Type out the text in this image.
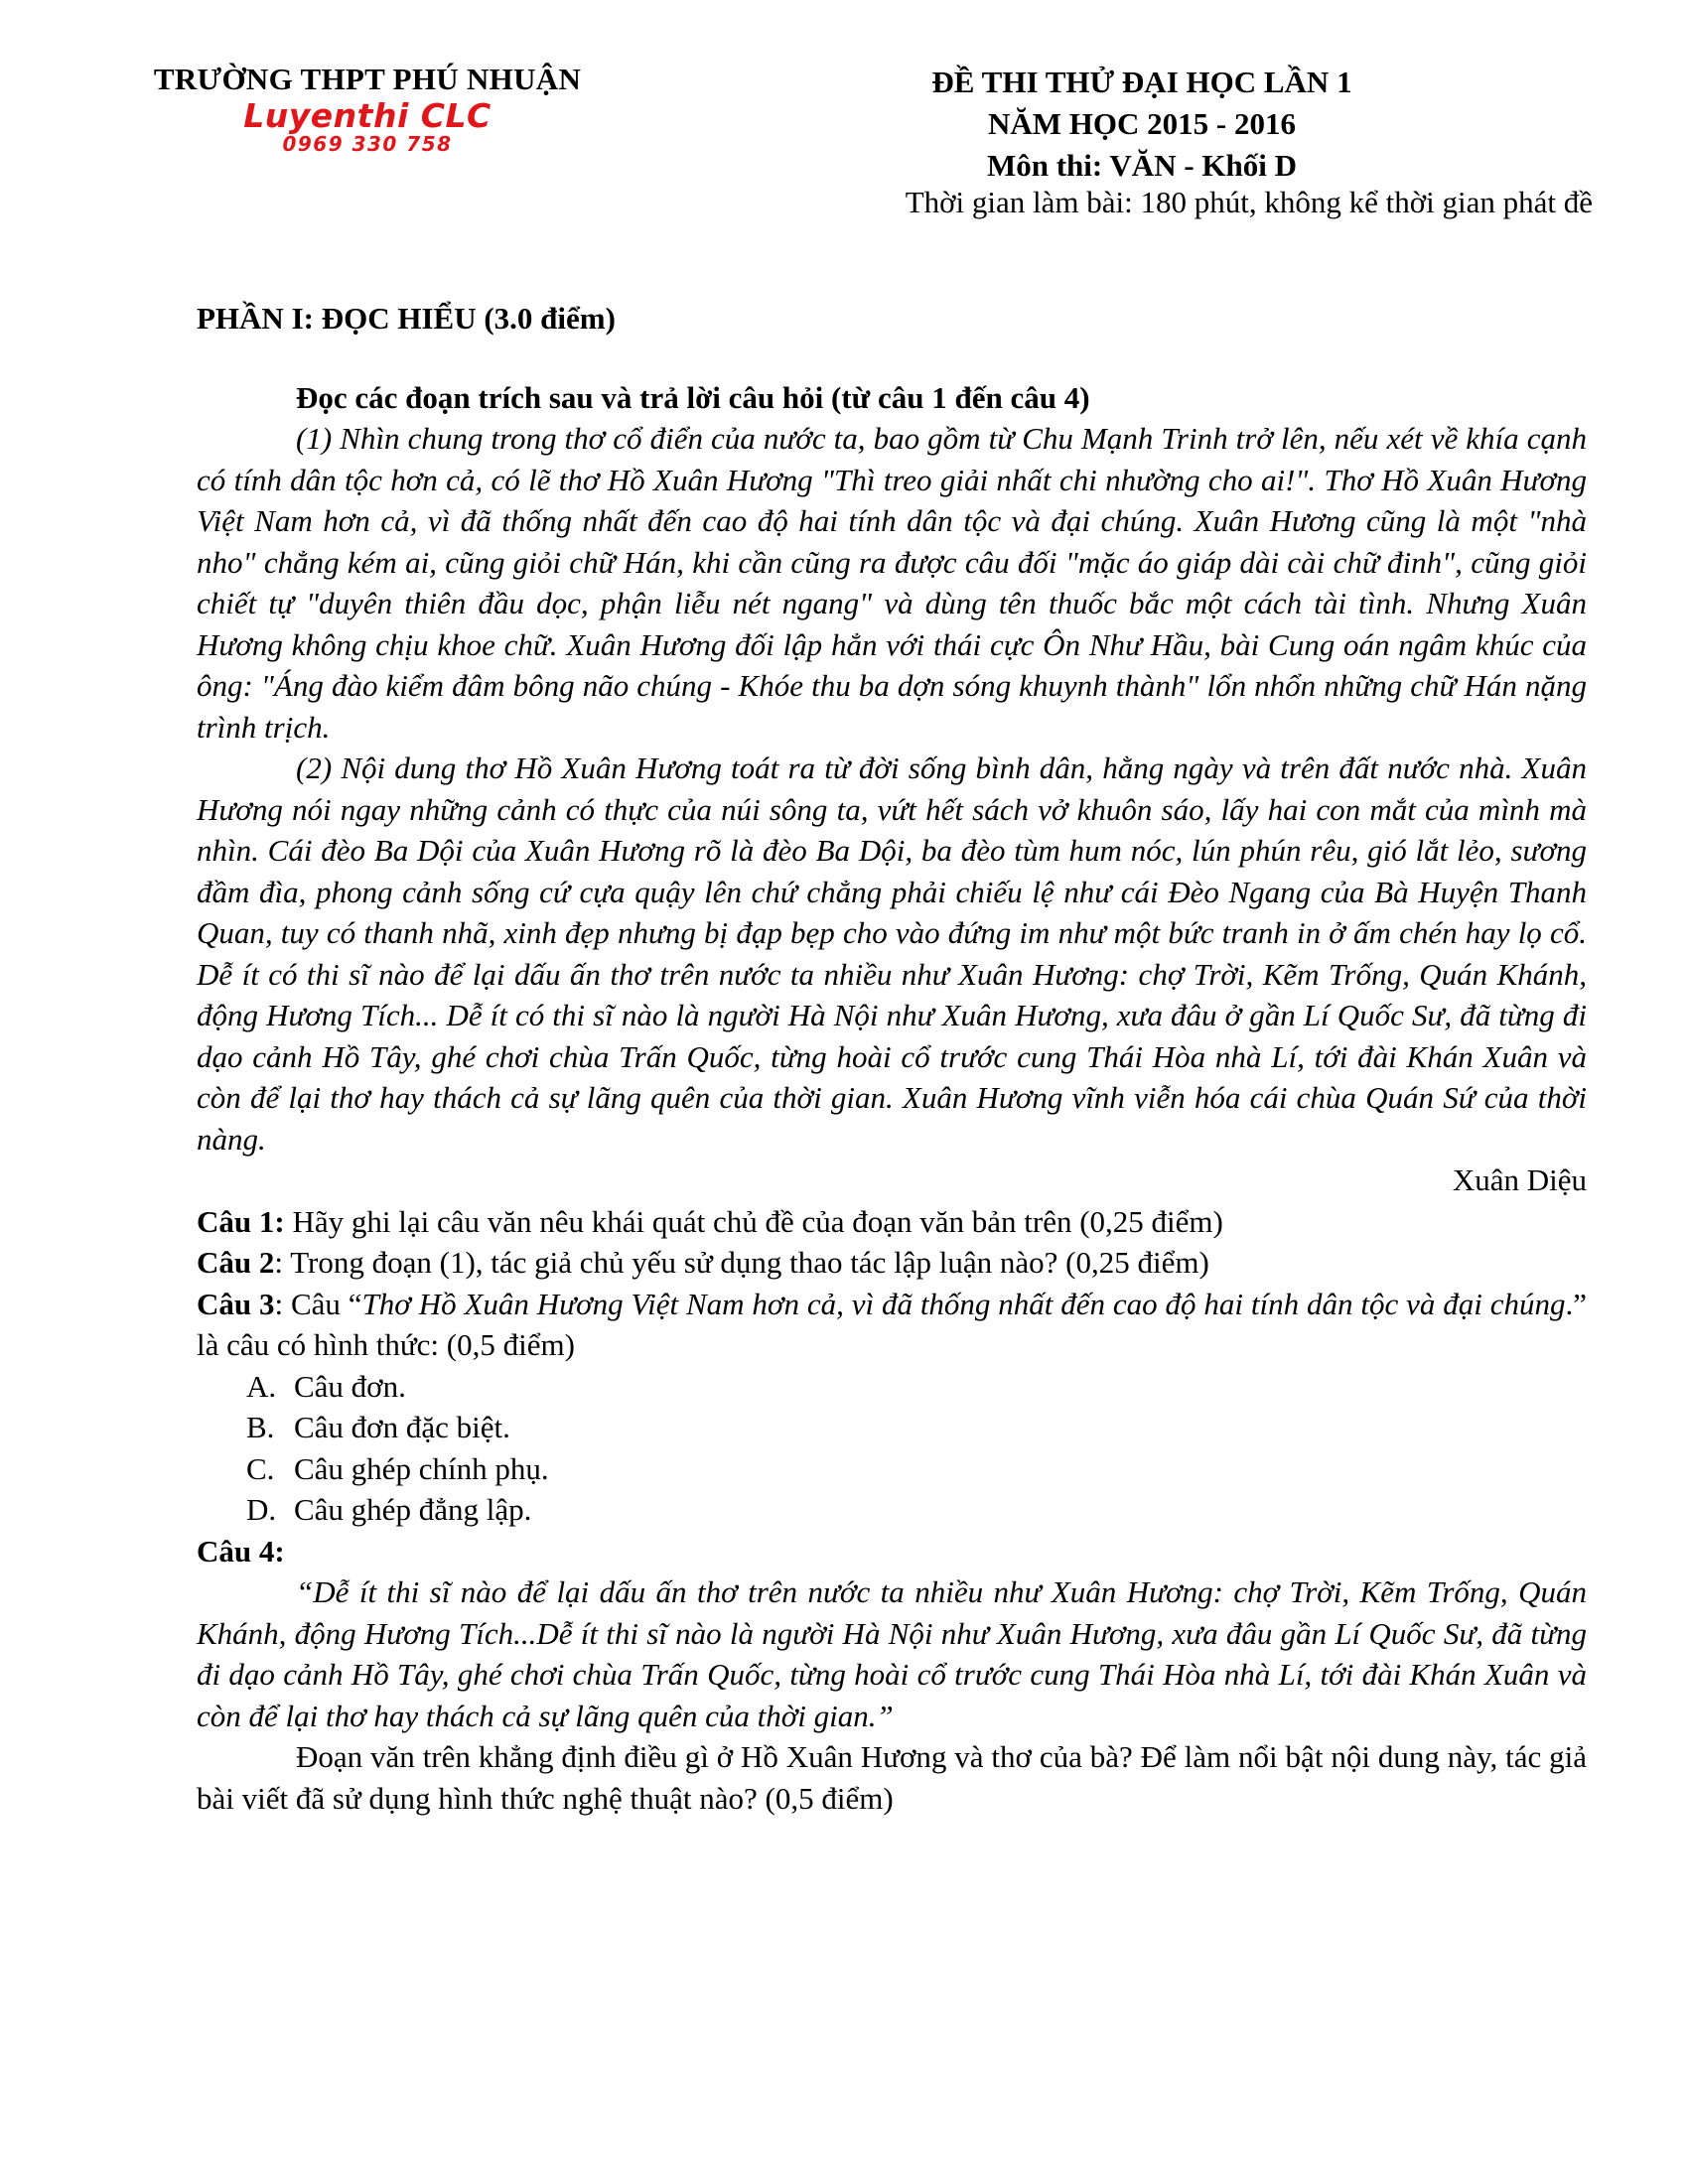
TRƯỜNG THPT PHÚ NHUẬN
Luyenthi CLC
0969 330 758
ĐỀ THI THỬ ĐẠI HỌC LẦN 1
NĂM HỌC 2015 - 2016
Môn thi: VĂN - Khối D
Thời gian làm bài: 180 phút, không kể thời gian phát đề
PHẦN I: ĐỌC HIỂU (3.0 điểm)
Đọc các đoạn trích sau và trả lời câu hỏi (từ câu 1 đến câu 4)
(1) Nhìn chung trong thơ cổ điển của nước ta, bao gồm từ Chu Mạnh Trinh trở lên, nếu xét về khía cạnh có tính dân tộc hơn cả, có lẽ thơ Hồ Xuân Hương "Thì treo giải nhất chi nhường cho ai!". Thơ Hồ Xuân Hương Việt Nam hơn cả, vì đã thống nhất đến cao độ hai tính dân tộc và đại chúng. Xuân Hương cũng là một "nhà nho" chẳng kém ai, cũng giỏi chữ Hán, khi cần cũng ra được câu đối "mặc áo giáp dài cài chữ đinh", cũng giỏi chiết tự "duyên thiên đầu dọc, phận liễu nét ngang" và dùng tên thuốc bắc một cách tài tình. Nhưng Xuân Hương không chịu khoe chữ. Xuân Hương đối lập hẳn với thái cực Ôn Như Hầu, bài Cung oán ngâm khúc của ông: "Áng đào kiểm đâm bông não chúng - Khóe thu ba dợn sóng khuynh thành" lổn nhổn những chữ Hán nặng trình trịch.
(2) Nội dung thơ Hồ Xuân Hương toát ra từ đời sống bình dân, hằng ngày và trên đất nước nhà. Xuân Hương nói ngay những cảnh có thực của núi sông ta, vứt hết sách vở khuôn sáo, lấy hai con mắt của mình mà nhìn. Cái đèo Ba Dội của Xuân Hương rõ là đèo Ba Dội, ba đèo tùm hum nóc, lún phún rêu, gió lắt lẻo, sương đầm đìa, phong cảnh sống cứ cựa quậy lên chứ chẳng phải chiếu lệ như cái Đèo Ngang của Bà Huyện Thanh Quan, tuy có thanh nhã, xinh đẹp nhưng bị đạp bẹp cho vào đứng im như một bức tranh in ở ấm chén hay lọ cổ. Dễ ít có thi sĩ nào để lại dấu ấn thơ trên nước ta nhiều như Xuân Hương: chợ Trời, Kẽm Trống, Quán Khánh, động Hương Tích... Dễ ít có thi sĩ nào là người Hà Nội như Xuân Hương, xưa đâu ở gần Lí Quốc Sư, đã từng đi dạo cảnh Hồ Tây, ghé chơi chùa Trấn Quốc, từng hoài cổ trước cung Thái Hòa nhà Lí, tới đài Khán Xuân và còn để lại thơ hay thách cả sự lãng quên của thời gian. Xuân Hương vĩnh viễn hóa cái chùa Quán Sứ của thời nàng.
Xuân Diệu
Câu 1: Hãy ghi lại câu văn nêu khái quát chủ đề của đoạn văn bản trên (0,25 điểm)
Câu 2: Trong đoạn (1), tác giả chủ yếu sử dụng thao tác lập luận nào? (0,25 điểm)
Câu 3: Câu “Thơ Hồ Xuân Hương Việt Nam hơn cả, vì đã thống nhất đến cao độ hai tính dân tộc và đại chúng.” là câu có hình thức: (0,5 điểm)
A. Câu đơn.
B. Câu đơn đặc biệt.
C. Câu ghép chính phụ.
D. Câu ghép đẳng lập.
Câu 4:
“Dễ ít thi sĩ nào để lại dấu ấn thơ trên nước ta nhiều như Xuân Hương: chợ Trời, Kẽm Trống, Quán Khánh, động Hương Tích...Dễ ít thi sĩ nào là người Hà Nội như Xuân Hương, xưa đâu gần Lí Quốc Sư, đã từng đi dạo cảnh Hồ Tây, ghé chơi chùa Trấn Quốc, từng hoài cổ trước cung Thái Hòa nhà Lí, tới đài Khán Xuân và còn để lại thơ hay thách cả sự lãng quên của thời gian.”
Đoạn văn trên khẳng định điều gì ở Hồ Xuân Hương và thơ của bà? Để làm nổi bật nội dung này, tác giả bài viết đã sử dụng hình thức nghệ thuật nào? (0,5 điểm)
